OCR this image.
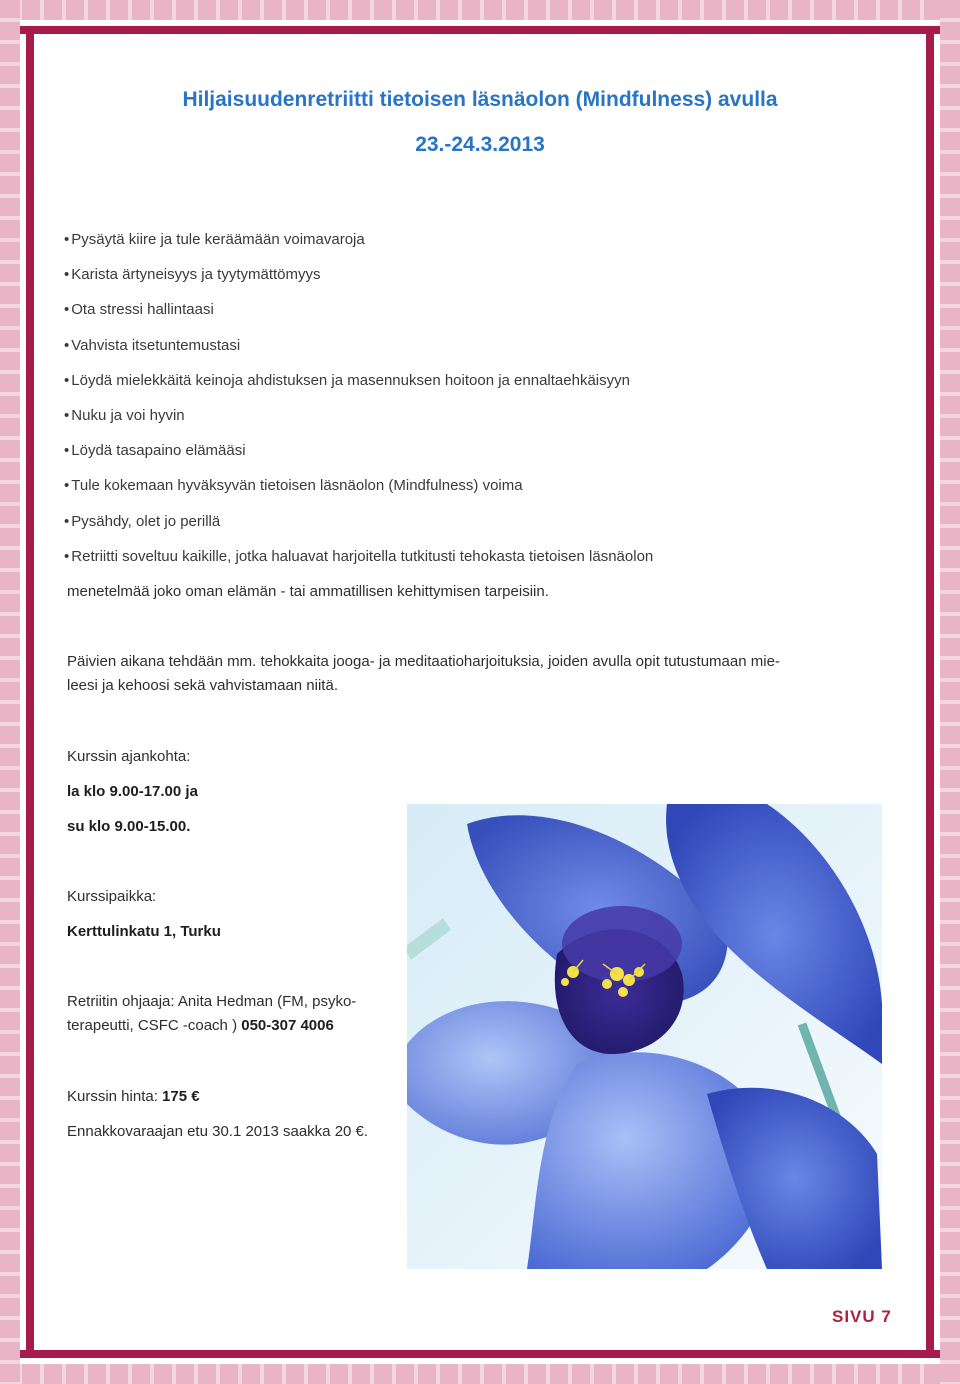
Hiljaisuudenretriitti tietoisen läsnäolon (Mindfulness) avulla
23.-24.3.2013
• Pysäytä kiire ja tule keräämään voimavaroja
• Karista ärtyneisyys ja tyytymättömyys
• Ota stressi hallintaasi
• Vahvista itsetuntemustasi
• Löydä mielekkäitä keinoja ahdistuksen ja masennuksen hoitoon ja ennaltaehkäisyyn
• Nuku ja voi hyvin
• Löydä tasapaino elämääsi
• Tule kokemaan hyväksyvän tietoisen läsnäolon (Mindfulness) voima
• Pysähdy, olet jo perillä
• Retriitti soveltuu kaikille, jotka haluavat harjoitella tutkitusti tehokasta tietoisen läsnäolon
menetelmää joko oman elämän - tai ammatillisen kehittymisen tarpeisiin.
Päivien aikana tehdään mm. tehokkaita jooga- ja meditaatioharjoituksia, joiden avulla opit tutustumaan mie-
leesi ja kehoosi sekä vahvistamaan niitä.
Kurssin ajankohta:
la klo 9.00-17.00 ja
su klo 9.00-15.00.
Kurssipaikka:
Kerttulinkatu 1, Turku
Retriitin ohjaaja: Anita Hedman (FM, psyko-
terapeutti, CSFC -coach ) 050-307 4006
Kurssin hinta: 175 €
Ennakkovaraajan etu 30.1 2013 saakka 20 €.
SIVU 7
